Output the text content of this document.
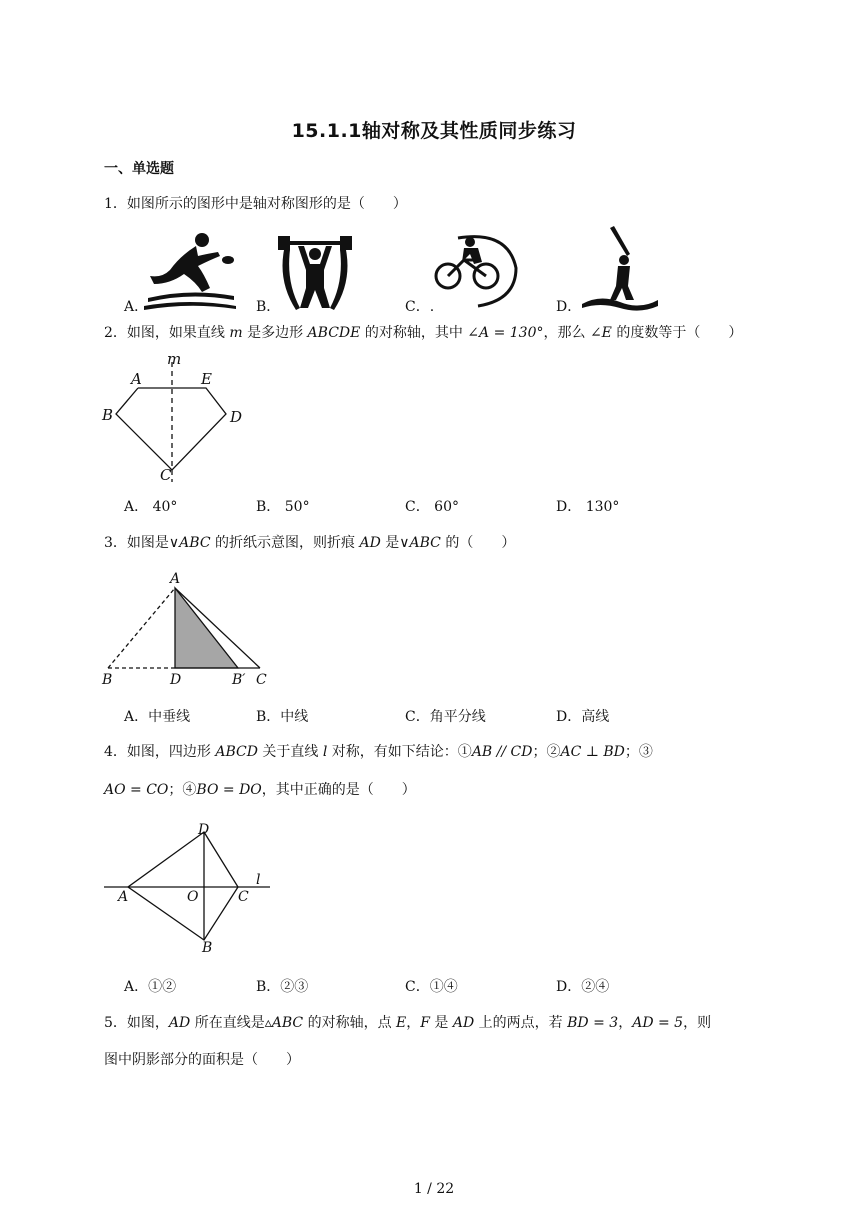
15.1.1轴对称及其性质同步练习
一、单选题
1．如图所示的图形中是轴对称图形的是（　　）
A．	B．	C．.	D．
2．如图，如果直线 m 是多边形 ABCDE 的对称轴，其中 ∠A = 130°，那么 ∠E 的度数等于（　　）
m
A	E
B	D
C
A． 40°	B． 50°	C． 60°	D． 130°
3．如图是∨ABC 的折纸示意图，则折痕 AD 是∨ABC 的（　　）
A
B	D	B′ C
A．中垂线	B．中线	C．角平分线	D．高线
4．如图，四边形 ABCD 关于直线 l 对称，有如下结论：①AB // CD；②AC ⊥ BD；③
AO = CO；④BO = DO，其中正确的是（　　）
D
A	O	C
l
B
A．①②	B．②③	C．①④	D．②④
5．如图，AD 所在直线是▵ABC 的对称轴，点 E，F 是 AD 上的两点，若 BD = 3，AD = 5，则
图中阴影部分的面积是（　　）
1 / 22
